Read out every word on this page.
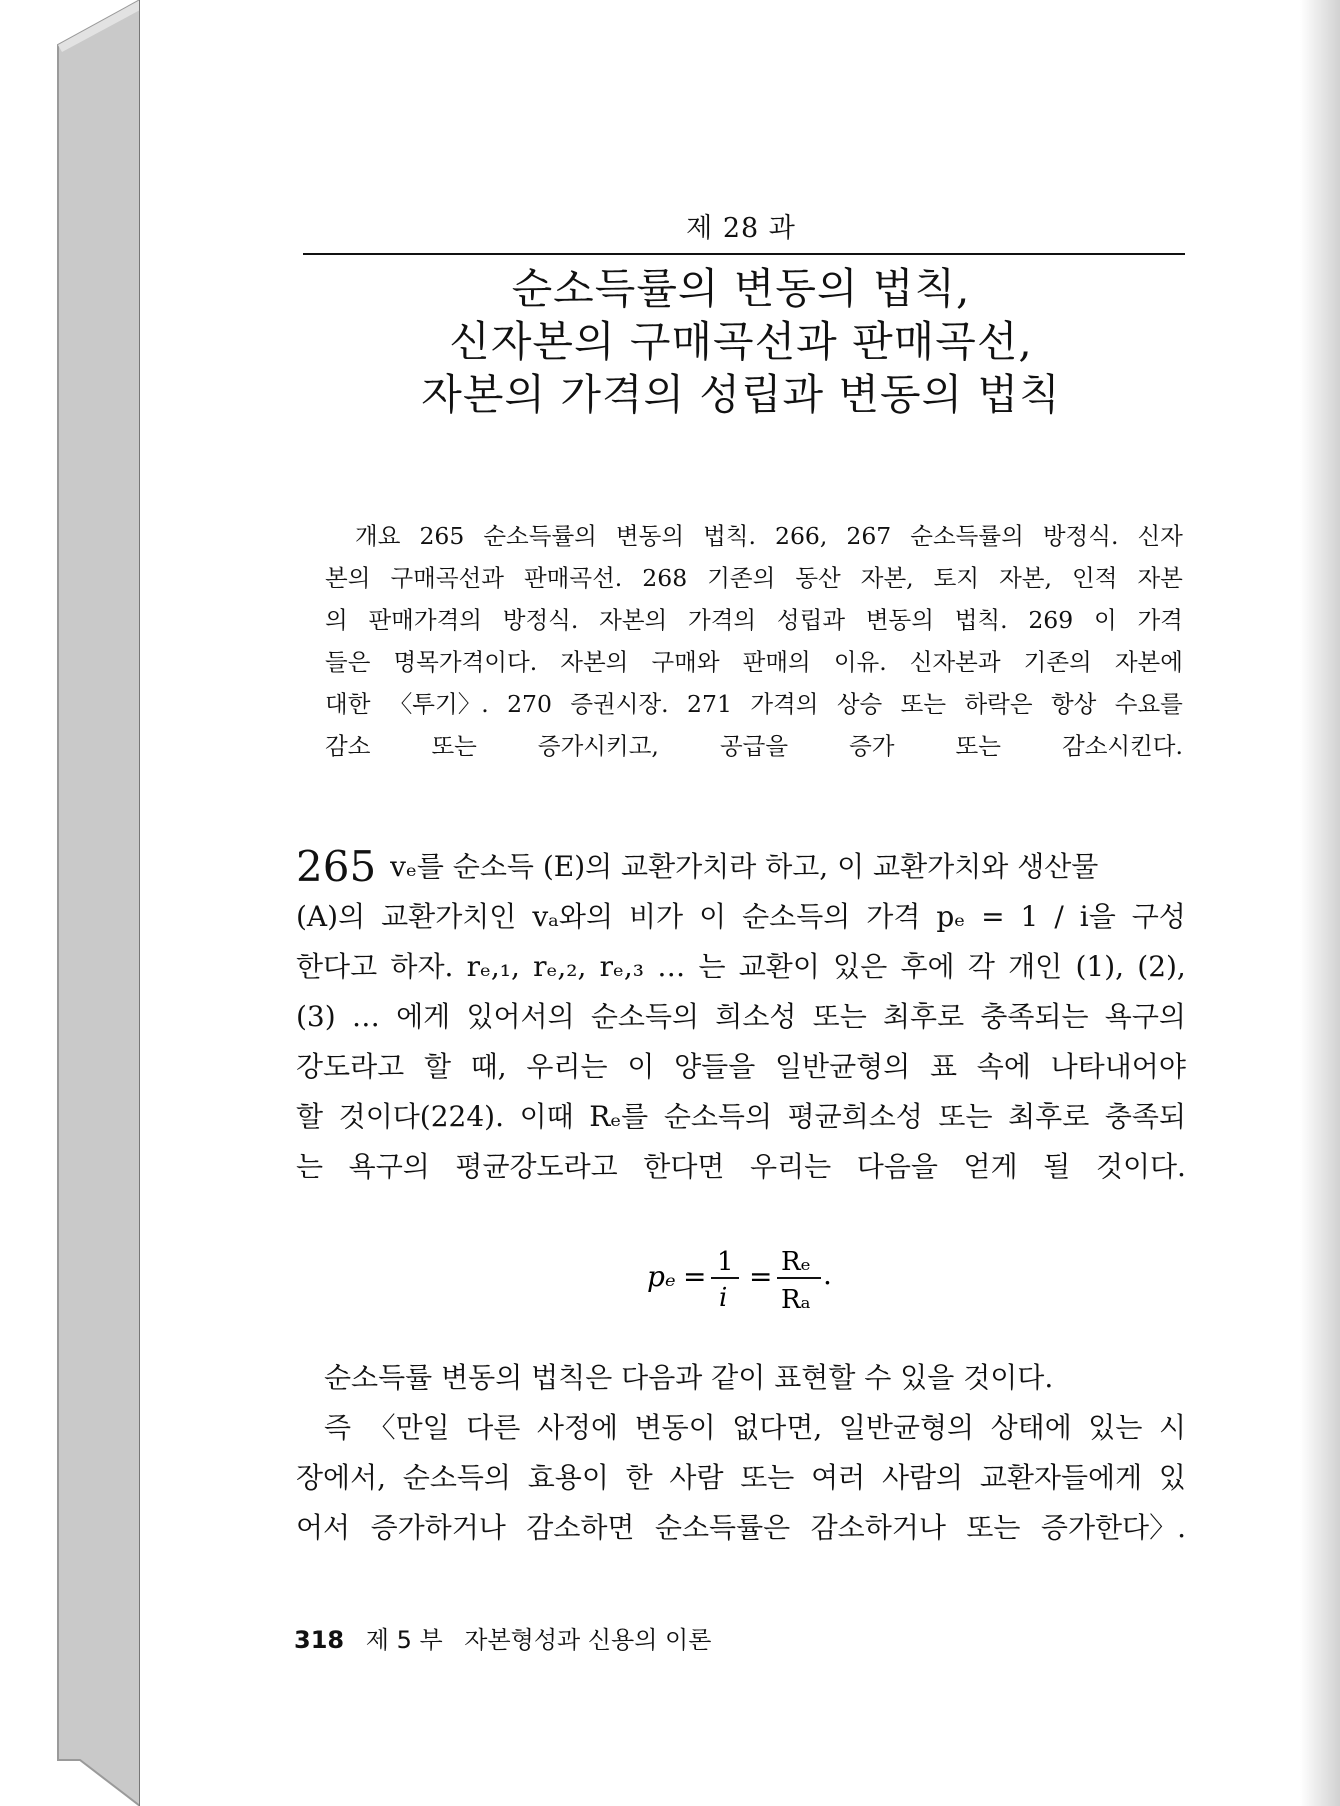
제 28 과
순소득률의 변동의 법칙,
신자본의 구매곡선과 판매곡선,
자본의 가격의 성립과 변동의 법칙
개요 265 순소득률의 변동의 법칙. 266, 267 순소득률의 방정식. 신자
본의 구매곡선과 판매곡선. 268 기존의 동산 자본, 토지 자본, 인적 자본
의 판매가격의 방정식. 자본의 가격의 성립과 변동의 법칙. 269 이 가격
들은 명목가격이다. 자본의 구매와 판매의 이유. 신자본과 기존의 자본에
대한 〈투기〉. 270 증권시장. 271 가격의 상승 또는 하락은 항상 수요를
감소	또는	증가시키고,	공급을	증가	또는	감소시킨다.
265 vₑ를 순소득 (E)의 교환가치라 하고, 이 교환가치와 생산물
(A)의 교환가치인 vₐ와의 비가 이 순소득의 가격 pₑ = 1 / i을 구성
한다고 하자. rₑ,₁, rₑ,₂, rₑ,₃ … 는 교환이 있은 후에 각 개인 (1), (2),
(3) … 에게 있어서의 순소득의 희소성 또는 최후로 충족되는 욕구의
강도라고 할 때, 우리는 이 양들을 일반균형의 표 속에 나타내어야
할 것이다(224). 이때 Rₑ를 순소득의 평균희소성 또는 최후로 충족되
는 욕구의 평균강도라고 한다면 우리는 다음을 얻게 될 것이다.
pₑ = 1
i
= Rₑ
Rₐ
.
순소득률 변동의 법칙은 다음과 같이 표현할 수 있을 것이다.
즉 〈만일 다른 사정에 변동이 없다면, 일반균형의 상태에 있는 시
장에서, 순소득의 효용이 한 사람 또는 여러 사람의 교환자들에게 있
어서 증가하거나 감소하면 순소득률은 감소하거나 또는 증가한다〉.
318 제 5 부 자본형성과 신용의 이론
